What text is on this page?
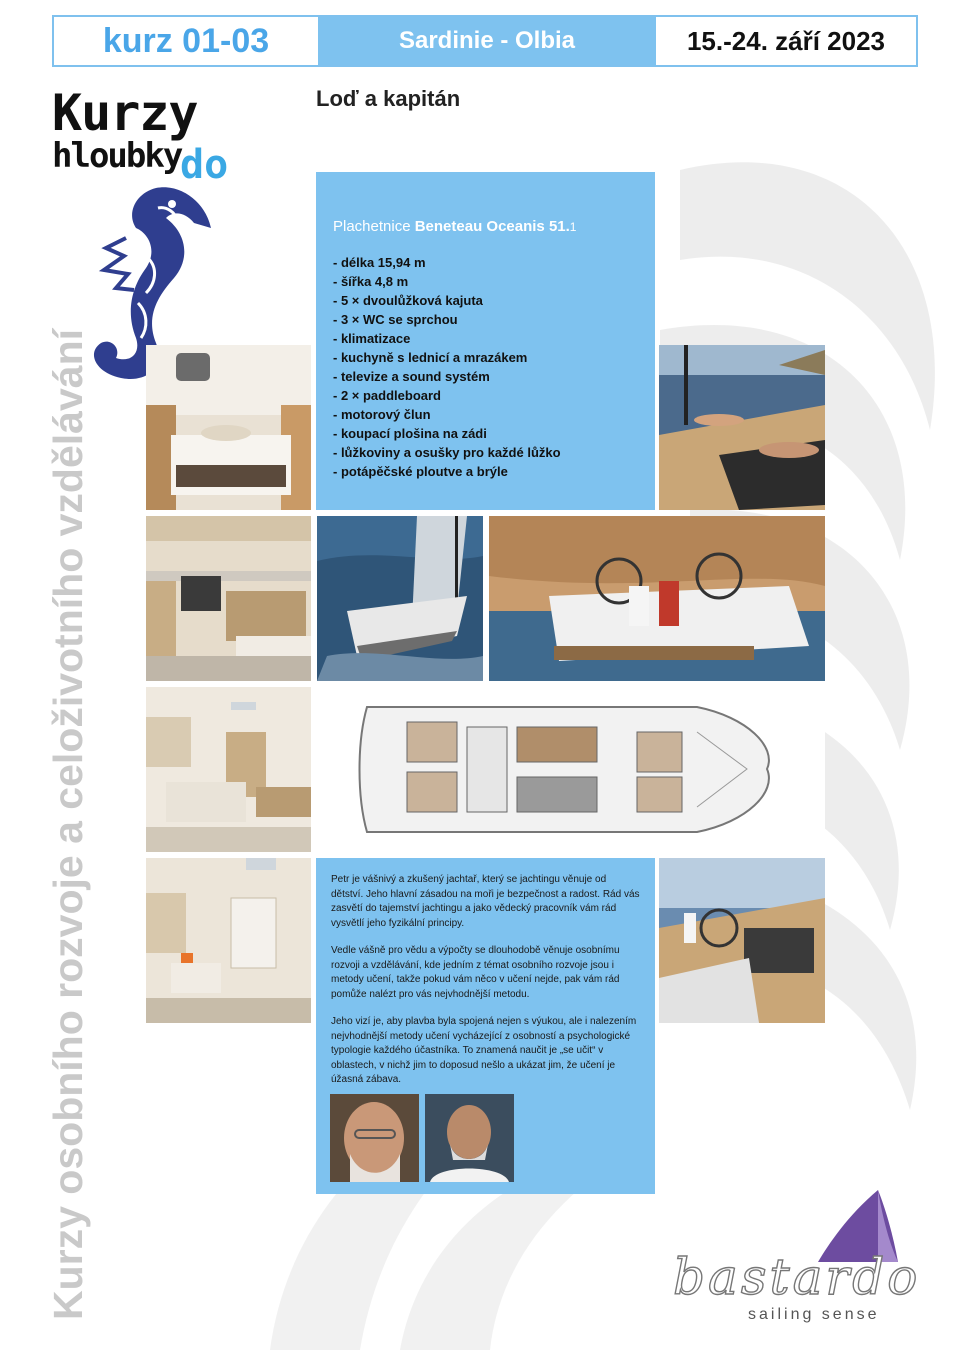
kurz 01-03	Sardinie - Olbia	15.-24. září 2023
Kurzy osobního rozvoje a celoživotního vzdělávání
Kurzy
hloubky
do
Loď a kapitán
Plachetnice Beneteau Oceanis 51.1
- délka 15,94 m
- šířka 4,8 m
- 5 × dvoulůžková kajuta
- 3 × WC se sprchou
- klimatizace
- kuchyně s lednicí a mrazákem
- televize a sound systém
- 2 × paddleboard
- motorový člun
- koupací plošina na zádi
- lůžkoviny a osušky pro každé lůžko
- potápěčské ploutve a brýle

Petr je vášnivý a zkušený jachtař, který se jachtingu věnuje od dětství. Jeho hlavní zásadou na moři je bezpečnost a radost. Rád vás zasvětí do tajemství jachtingu a jako vědecký pracovník vám rád vysvětlí jeho fyzikální principy.

Vedle vášně pro vědu a výpočty se dlouhodobě věnuje osobnímu rozvoji a vzdělávání, kde jedním z témat osobního rozvoje jsou i metody učení, takže pokud vám něco v učení nejde, pak vám rád pomůže nalézt pro vás nejvhodnější metodu.

Jeho vizí je, aby plavba byla spojená nejen s výukou, ale i nalezením nejvhodnější metody učení vycházející z osobností a psychologické typologie každého účastníka. To znamená naučit je „se učit“ v oblastech, v nichž jim to doposud nešlo a ukázat jim, že učení je úžasná zábava.

bastardo
sailing sense
